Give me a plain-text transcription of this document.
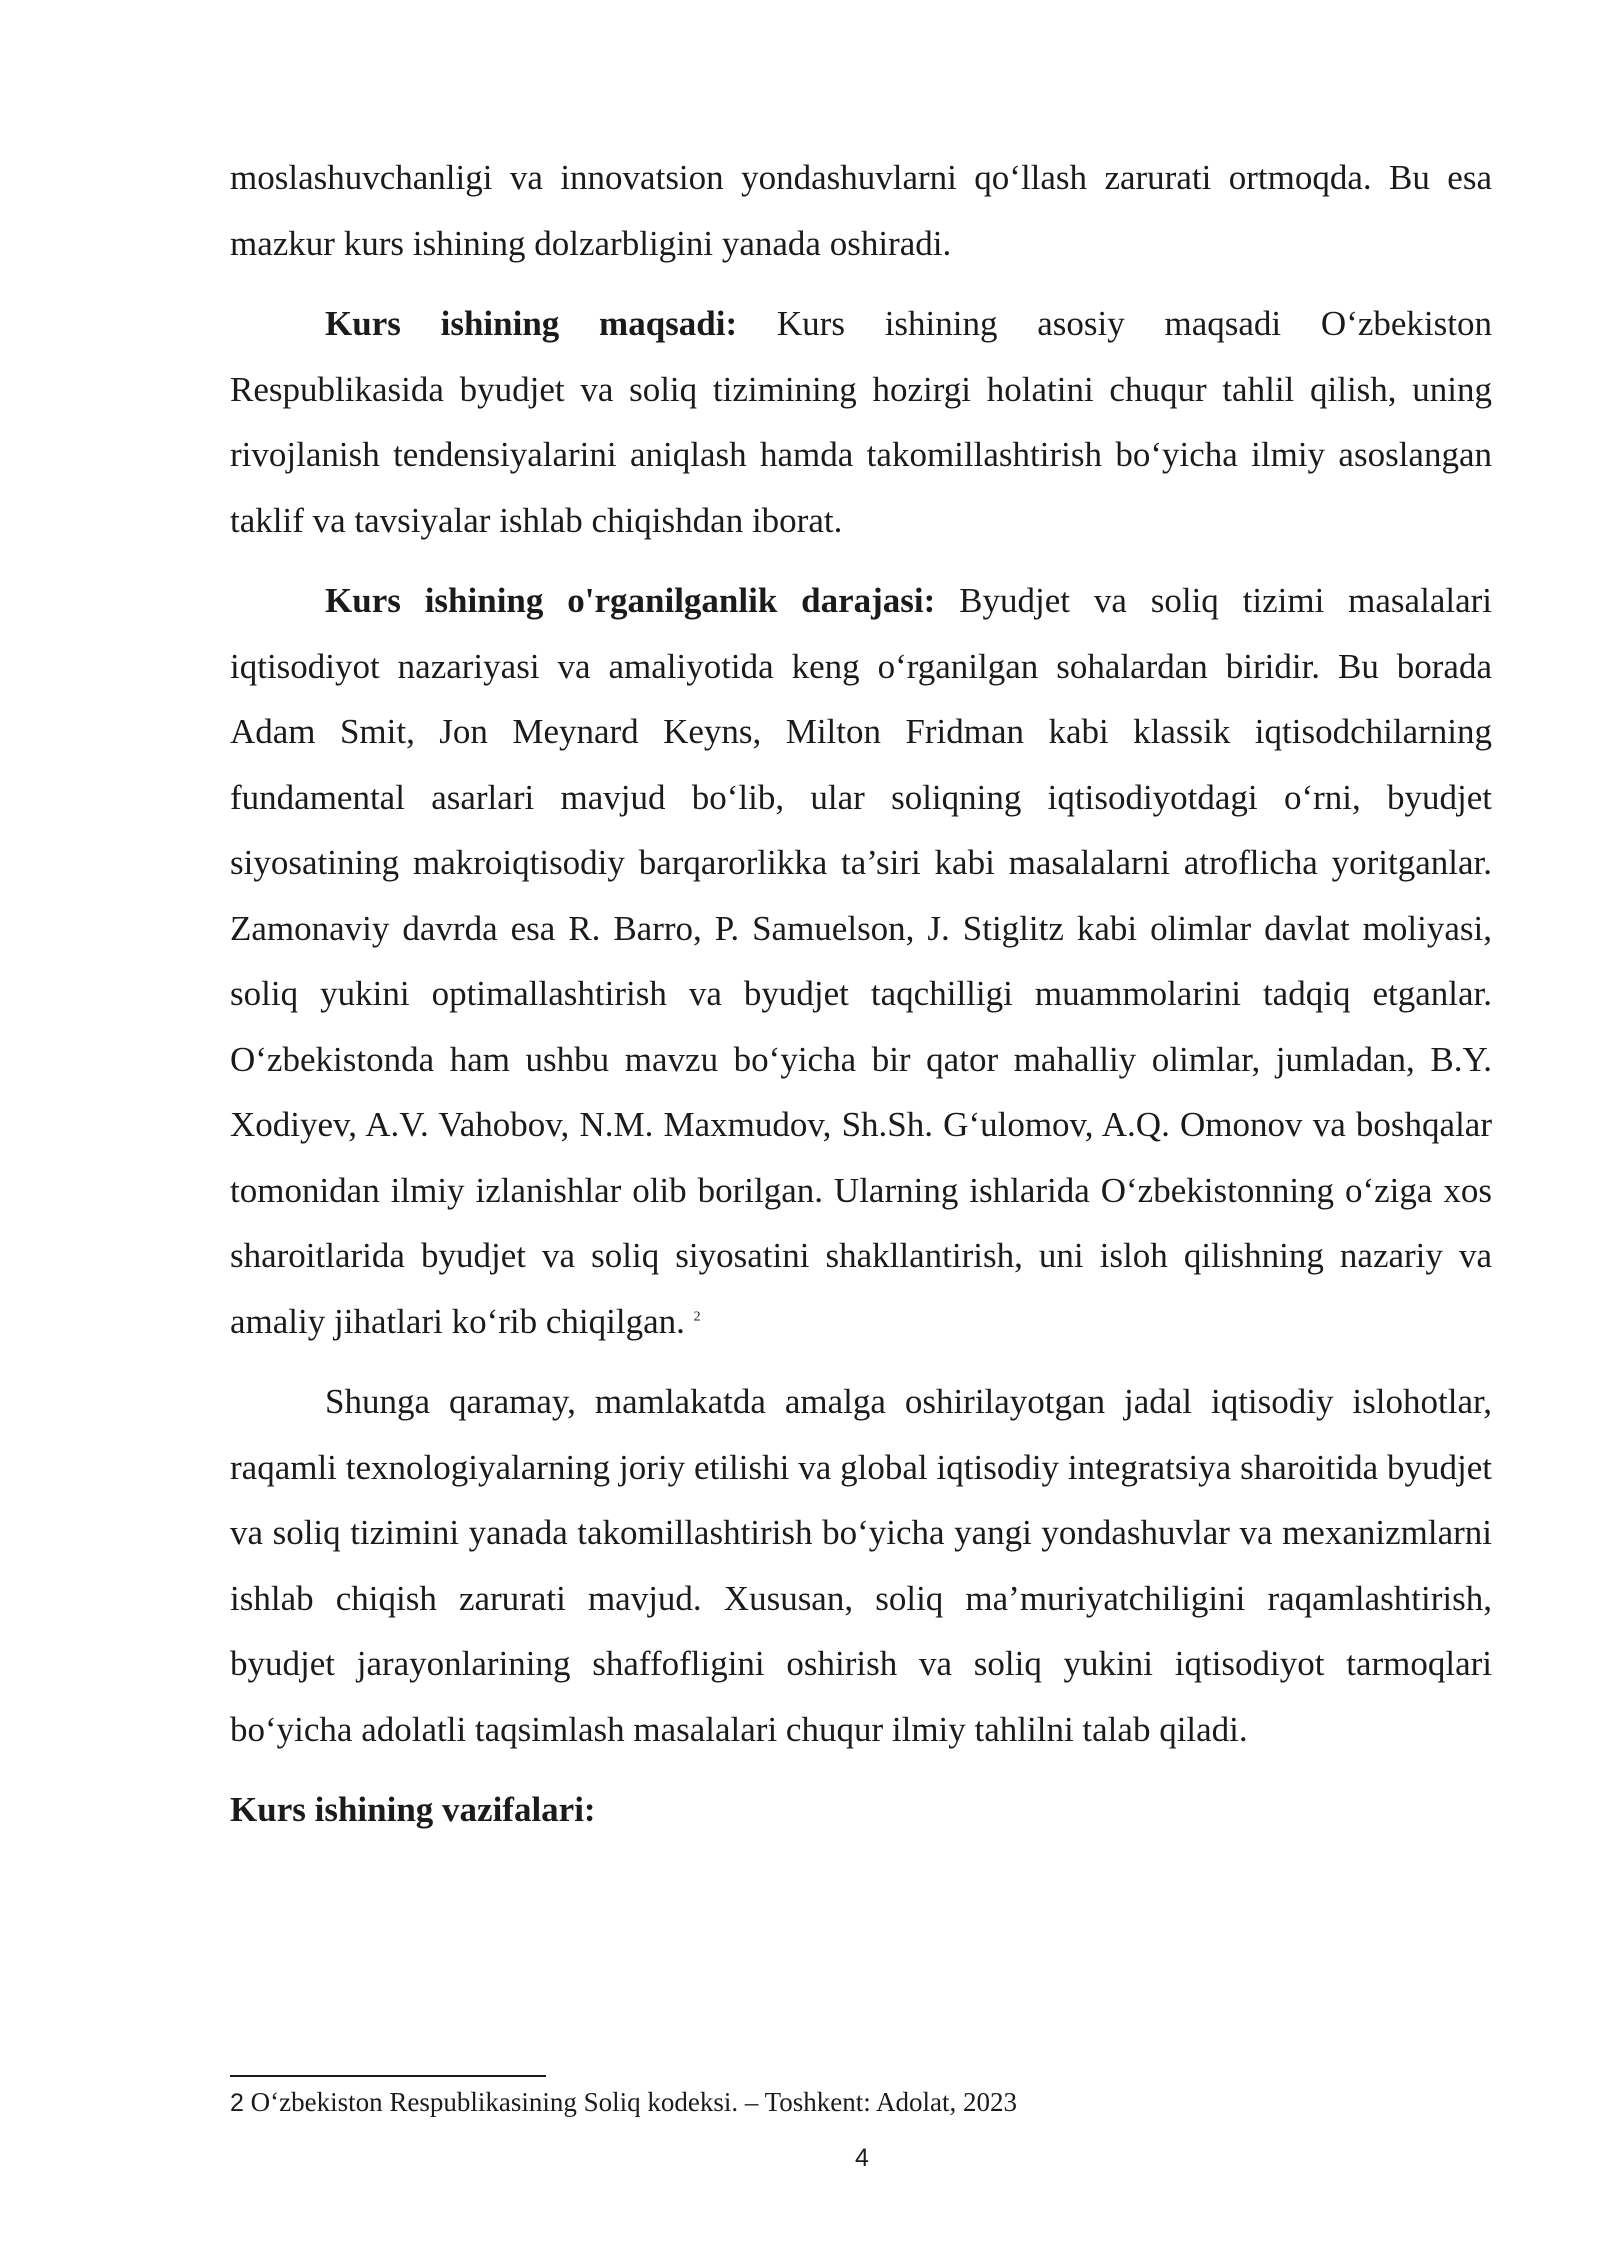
moslashuvchanligi va innovatsion yondashuvlarni qo‘llash zarurati ortmoqda. Bu esa mazkur kurs ishining dolzarbligini yanada oshiradi.

Kurs ishining maqsadi: Kurs ishining asosiy maqsadi O‘zbekiston Respublikasida byudjet va soliq tizimining hozirgi holatini chuqur tahlil qilish, uning rivojlanish tendensiyalarini aniqlash hamda takomillashtirish bo‘yicha ilmiy asoslangan taklif va tavsiyalar ishlab chiqishdan iborat.

Kurs ishining o'rganilganlik darajasi: Byudjet va soliq tizimi masalalari iqtisodiyot nazariyasi va amaliyotida keng o‘rganilgan sohalardan biridir. Bu borada Adam Smit, Jon Meynard Keyns, Milton Fridman kabi klassik iqtisodchilarning fundamental asarlari mavjud bo‘lib, ular soliqning iqtisodiyotdagi o‘rni, byudjet siyosatining makroiqtisodiy barqarorlikka ta’siri kabi masalalarni atroflicha yoritganlar. Zamonaviy davrda esa R. Barro, P. Samuelson, J. Stiglitz kabi olimlar davlat moliyasi, soliq yukini optimallashtirish va byudjet taqchilligi muammolarini tadqiq etganlar. O‘zbekistonda ham ushbu mavzu bo‘yicha bir qator mahalliy olimlar, jumladan, B.Y. Xodiyev, A.V. Vahobov, N.M. Maxmudov, Sh.Sh. G‘ulomov, A.Q. Omonov va boshqalar tomonidan ilmiy izlanishlar olib borilgan. Ularning ishlarida O‘zbekistonning o‘ziga xos sharoitlarida byudjet va soliq siyosatini shakllantirish, uni isloh qilishning nazariy va amaliy jihatlari ko‘rib chiqilgan. $^2$

Shunga qaramay, mamlakatda amalga oshirilayotgan jadal iqtisodiy islohotlar, raqamli texnologiyalarning joriy etilishi va global iqtisodiy integratsiya sharoitida byudjet va soliq tizimini yanada takomillashtirish bo‘yicha yangi yondashuvlar va mexanizmlarni ishlab chiqish zarurati mavjud. Xususan, soliq ma’muriyatchiligini raqamlashtirish, byudjet jarayonlarining shaffofligini oshirish va soliq yukini iqtisodiyot tarmoqlari bo‘yicha adolatli taqsimlash masalalari chuqur ilmiy tahlilni talab qiladi.

Kurs ishining vazifalari:

2 O‘zbekiston Respublikasining Soliq kodeksi. – Toshkent: Adolat, 2023

4
